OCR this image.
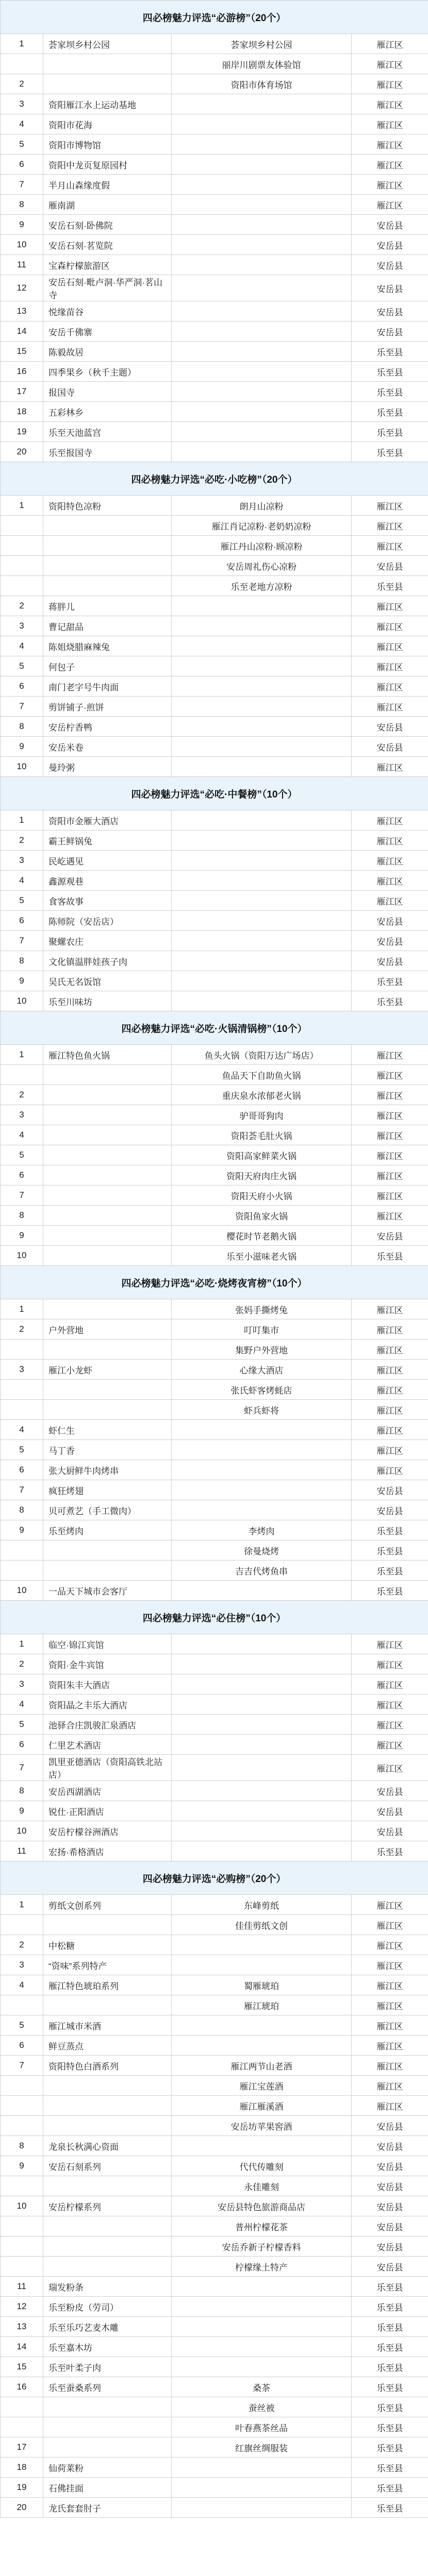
四必榜魅力评选“必游榜”（20个）			
1	荟家坝乡村公园	荟家坝乡村公园	雁江区
		丽岸川剧票友体验馆	雁江区
2		资阳市体育场馆	雁江区
3	资阳雁江水上运动基地		雁江区
4	资阳市花海		雁江区
5	资阳市博物馆		雁江区
6	资阳中龙页复原园村		雁江区
7	半月山森缘度假		雁江区
8	雁南湖		雁江区
9	安岳石刻·卧佛院		安岳县
10	安岳石刻·茗览院		安岳县
11	宝森柠檬旅游区		安岳县
12	安岳石刻·毗卢洞·华严洞·茗山寺		安岳县
13	悦缘苗谷		安岳县
14	安岳千佛寨		安岳县
15	陈毅故居		乐至县
16	四季果乡（秋千主题）		乐至县
17	报国寺		乐至县
18	五彩林乡		乐至县
19	乐至天池蓝宫		乐至县
20	乐至报国寺		乐至县
四必榜魅力评选“必吃·小吃榜”（20个）			
1	资阳特色凉粉	朗月山凉粉	雁江区
		雁江肖记凉粉·老奶奶凉粉	雁江区
		雁江丹山凉粉·顾凉粉	雁江区
		安岳周礼伤心凉粉	安岳县
		乐至老地方凉粉	乐至县
2	蒋胖儿		雁江区
3	曹记甜品		雁江区
4	陈姐烧腊麻辣兔		雁江区
5	何包子		雁江区
6	南门老字号牛肉面		雁江区
7	剪饼铺子·煎饼		雁江区
8	安岳柠香鸭		安岳县
9	安岳米卷		安岳县
10	曼玲粥		雁江区
四必榜魅力评选“必吃·中餐榜”（10个）			
1	资阳市金雁大酒店		雁江区
2	霸王鲜锅兔		雁江区
3	民屹遇见		雁江区
4	鑫源观巷		雁江区
5	食客故事		雁江区
6	陈师院（安岳店）		安岳县
7	聚螺农庄		安岳县
8	文化镇温胖娃孩子肉		安岳县
9	吴氏无名饭馆		乐至县
10	乐至川味坊		乐至县
四必榜魅力评选“必吃·火锅清锅榜”（10个）			
1	雁江特色鱼火锅	鱼头火锅（资阳万达广场店）	雁江区
		鱼品天下自助鱼火锅	雁江区
2		重庆泉水浓郁老火锅	雁江区
3		驴哥哥狗肉	雁江区
4		资阳荟毛肚火锅	雁江区
5		资阳高家鲜菜火锅	雁江区
6		资阳天府肉庄火锅	雁江区
7		资阳天府小火锅	雁江区
8		资阳鱼家火锅	雁江区
9		樱花时节老鹅火锅	安岳县
10		乐至小滋味老火锅	乐至县
四必榜魅力评选“必吃·烧烤夜宵榜”（10个）			
1		张妈手撕烤兔	雁江区
2	户外营地	叮叮集市	雁江区
		集野户外营地	雁江区
3	雁江小龙虾	心缘大酒店	雁江区
		张氏虾客烤蚝店	雁江区
		虾兵虾将	雁江区
4	虾仁生		雁江区
5	马丁香		雁江区
6	张大厨鲜牛肉烤串		雁江区
7	疯狂烤翅		安岳县
8	贝可煮艺（手工微肉）		安岳县
9	乐至烤肉	李烤肉	乐至县
		徐曼烧烤	乐至县
		吉吉代烤鱼串	乐至县
10	一品天下城市会客厅		乐至县
四必榜魅力评选“必住榜”（10个）			
1	临空·锦江宾馆		雁江区
2	资阳·金牛宾馆		雁江区
3	资阳朱丰大酒店		雁江区
4	资阳晶之丰乐大酒店		雁江区
5	池驿合庄凯骏汇泉酒店		雁江区
6	仁里艺术酒店		雁江区
7	凯里亚德酒店（资阳高铁北站店）		雁江区
8	安岳西湖酒店		安岳县
9	锐仕·正阳酒店		安岳县
10	安岳柠檬谷洲酒店		安岳县
11	宏扬·希格酒店		乐至县
四必榜魅力评选“必购榜”（20个）			
1	剪纸文创系列	东峰剪纸	雁江区
		佳佳剪纸文创	雁江区
2	中松糖		雁江区
3	“资味”系列特产		雁江区
4	雁江特色琥珀系列	蜀雁琥珀	雁江区
		雁江琥珀	雁江区
5	雁江城市米酒		雁江区
6	鲜豆蒸点		雁江区
7	资阳特色白酒系列	雁江两节山老酒	雁江区
		雁江宝莲酒	雁江区
		雁江雁溪酒	雁江区
		安岳坊苹果窖酒	安岳县
8	龙泉长秋满心资面		安岳县
9	安岳石刻系列	代代传雕刻	安岳县
		永佳雕刻	安岳县
10	安岳柠檬系列	安岳县特色旅游商品店	安岳县
		普州柠檬花茶	安岳县
		安岳乔新子柠檬香料	安岳县
		柠檬缘土特产	安岳县
11	瑞发粉条		乐至县
12	乐至粉皮（劳司）		乐至县
13	乐至乐巧艺麦木雕		乐至县
14	乐至嘉木坊		乐至县
15	乐至叶柔子肉		乐至县
16	乐至蚕桑系列	桑茶	乐至县
		蚕丝被	乐至县
		叶春燕茶丝品	乐至县
17		红旗丝绸服装	乐至县
18	仙荷莱粉		乐至县
19	石佛挂面		乐至县
20	龙氏套套肘子		乐至县
